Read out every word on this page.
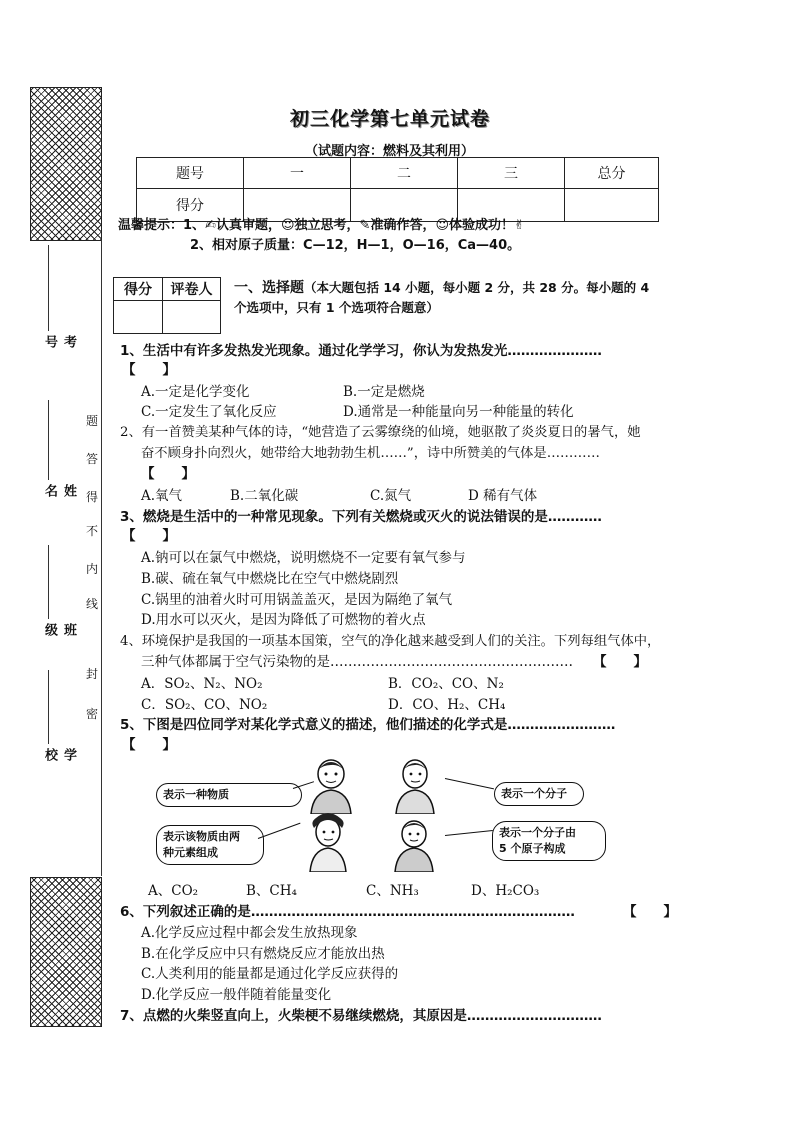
考号
姓名
班级
学校
题
答
得
不
内
线
封
密
初三化学第七单元试卷
（试题内容：燃料及其利用）
题号	一	二	三	总分
得分				
温馨提示：1、✍认真审题，☺独立思考，✎准确作答，☺体验成功！✌
2、相对原子质量：C—12，H—1，O—16，Ca—40。
得分	评卷人
	一、选择题（本大题包括 14 小题，每小题 2 分，共 28 分。每小题的 4
个选项中，只有 1 个选项符合题意）
1、生活中有许多发热发光现象。通过化学学习，你认为发热发光…………………
【　　】
A.一定是化学变化	B.一定是燃烧
C.一定发生了氧化反应	D.通常是一种能量向另一种能量的转化
2、有一首赞美某种气体的诗，“她营造了云雾缭绕的仙境，她驱散了炎炎夏日的暑气，她
奋不顾身扑向烈火，她带给大地勃勃生机……”，诗中所赞美的气体是…………
【　　】
A.氧气	B.二氧化碳	C.氮气	D 稀有气体
3、燃烧是生活中的一种常见现象。下列有关燃烧或灭火的说法错误的是…………
【　　】
A.钠可以在氯气中燃烧，说明燃烧不一定要有氧气参与
B.碳、硫在氧气中燃烧比在空气中燃烧剧烈
C.锅里的油着火时可用锅盖盖灭，是因为隔绝了氧气
D.用水可以灭火，是因为降低了可燃物的着火点
4、环境保护是我国的一项基本国策，空气的净化越来越受到人们的关注。下列每组气体中，
三种气体都属于空气污染物的是……………………………………………… 【　　】
A．SO₂、N₂、NO₂	B．CO₂、CO、N₂
C．SO₂、CO、NO₂	D．CO、H₂、CH₄
5、下图是四位同学对某化学式意义的描述，他们描述的化学式是……………………
【　　】
表示一种物质	表示一个分子
表示该物质由两
种元素组成
表示一个分子由
5 个原子构成
A、CO₂	B、CH₄	C、NH₃	D、H₂CO₃
6、下列叙述正确的是………………………………………………………………	【　　】
A.化学反应过程中都会发生放热现象
B.在化学反应中只有燃烧反应才能放出热
C.人类利用的能量都是通过化学反应获得的
D.化学反应一般伴随着能量变化
7、点燃的火柴竖直向上，火柴梗不易继续燃烧，其原因是…………………………
